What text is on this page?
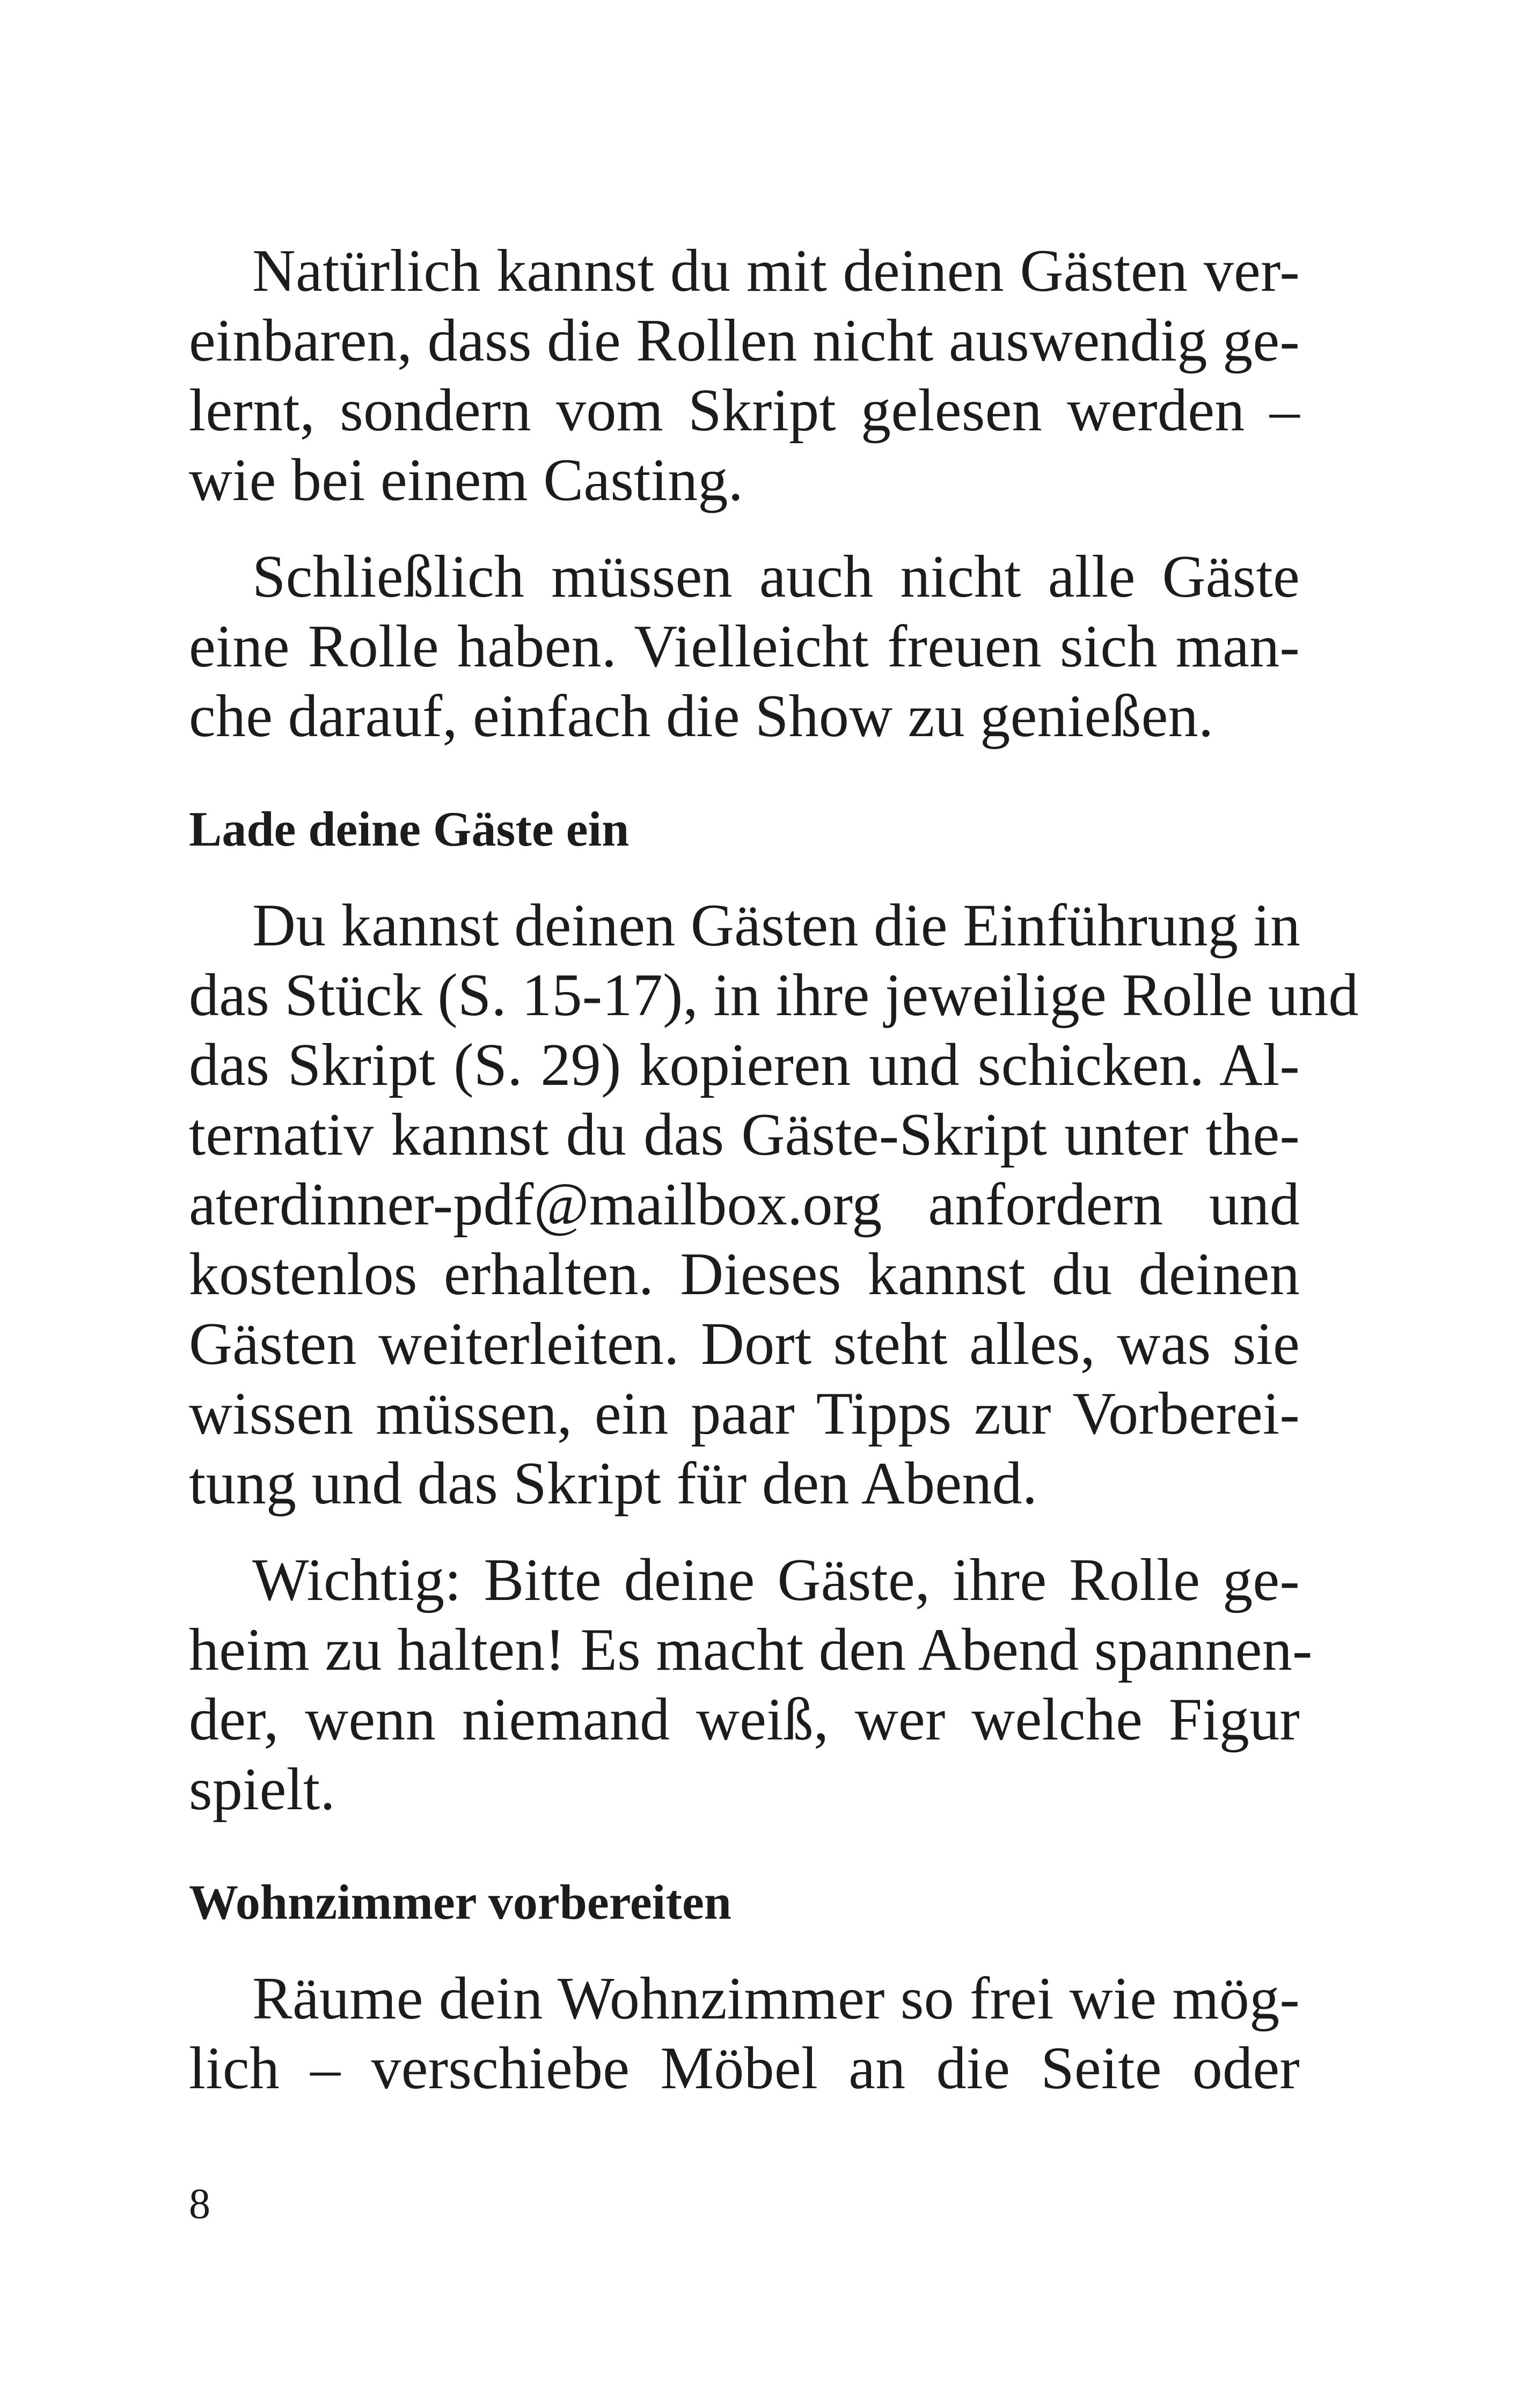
Natürlich kannst du mit deinen Gästen ver-
einbaren, dass die Rollen nicht auswendig ge-
lernt, sondern vom Skript gelesen werden –
wie bei einem Casting.
Schließlich müssen auch nicht alle Gäste
eine Rolle haben. Vielleicht freuen sich man-
che darauf, einfach die Show zu genießen.
Lade deine Gäste ein
Du kannst deinen Gästen die Einführung in
das Stück (S. 15-17), in ihre jeweilige Rolle und
das Skript (S. 29) kopieren und schicken. Al-
ternativ kannst du das Gäste-Skript unter the-
aterdinner-pdf@mailbox.org anfordern und
kostenlos erhalten. Dieses kannst du deinen
Gästen weiterleiten. Dort steht alles, was sie
wissen müssen, ein paar Tipps zur Vorberei-
tung und das Skript für den Abend.
Wichtig: Bitte deine Gäste, ihre Rolle ge-
heim zu halten! Es macht den Abend spannen-
der, wenn niemand weiß, wer welche Figur
spielt.
Wohnzimmer vorbereiten
Räume dein Wohnzimmer so frei wie mög-
lich – verschiebe Möbel an die Seite oder
8
